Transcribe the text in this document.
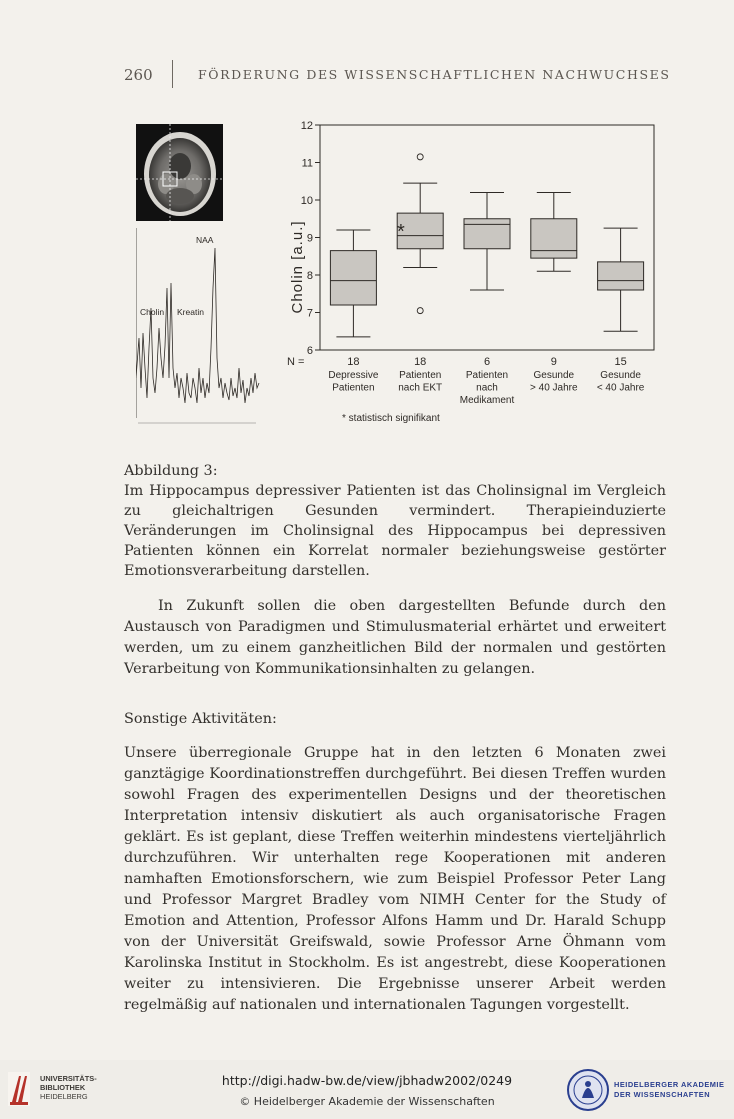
260	FÖRDERUNG DES WISSENSCHAFTLICHEN NACHWUCHSES
NAA
Cholin Kreatin
6
7
8
9
10
11
12
N =	18
Depressive
Patienten
18
Patienten
nach EKT
6
Patienten
nach
Medikament
9
Gesunde
> 40 Jahre
15
Gesunde
< 40 Jahre
Cholin [a.u.]	*
* statistisch signifikant
Abbildung 3:
Im Hippocampus depressiver Patienten ist das Cholinsignal im Vergleich zu gleichaltrigen Gesunden vermindert. Therapieinduzierte Veränderungen im Cholinsignal des Hippocampus bei depressiven Patienten können ein Korrelat normaler beziehungsweise gestörter Emotionsverarbeitung darstellen.

In Zukunft sollen die oben dargestellten Befunde durch den Austausch von Paradigmen und Stimulusmaterial erhärtet und erweitert werden, um zu einem ganzheitlichen Bild der normalen und gestörten Verarbeitung von Kommunikationsinhalten zu gelangen.

Sonstige Aktivitäten:

Unsere überregionale Gruppe hat in den letzten 6 Monaten zwei ganztägige Koordinationstreffen durchgeführt. Bei diesen Treffen wurden sowohl Fragen des experimentellen Designs und der theoretischen Interpretation intensiv diskutiert als auch organisatorische Fragen geklärt. Es ist geplant, diese Treffen weiterhin mindestens vierteljährlich durchzuführen. Wir unterhalten rege Kooperationen mit anderen namhaften Emotionsforschern, wie zum Beispiel Professor Peter Lang und Professor Margret Bradley vom NIMH Center for the Study of Emotion and Attention, Professor Alfons Hamm und Dr. Harald Schupp von der Universität Greifswald, sowie Professor Arne Öhmann vom Karolinska Institut in Stockholm. Es ist angestrebt, diese Kooperationen weiter zu intensivieren. Die Ergebnisse unserer Arbeit werden regelmäßig auf nationalen und internationalen Tagungen vorgestellt.

UNIVERSITÄTS-
BIBLIOTHEK
HEIDELBERG
http://digi.hadw-bw.de/view/jbhadw2002/0249
© Heidelberger Akademie der Wissenschaften
HEIDELBERGER AKADEMIE
DER WISSENSCHAFTEN
